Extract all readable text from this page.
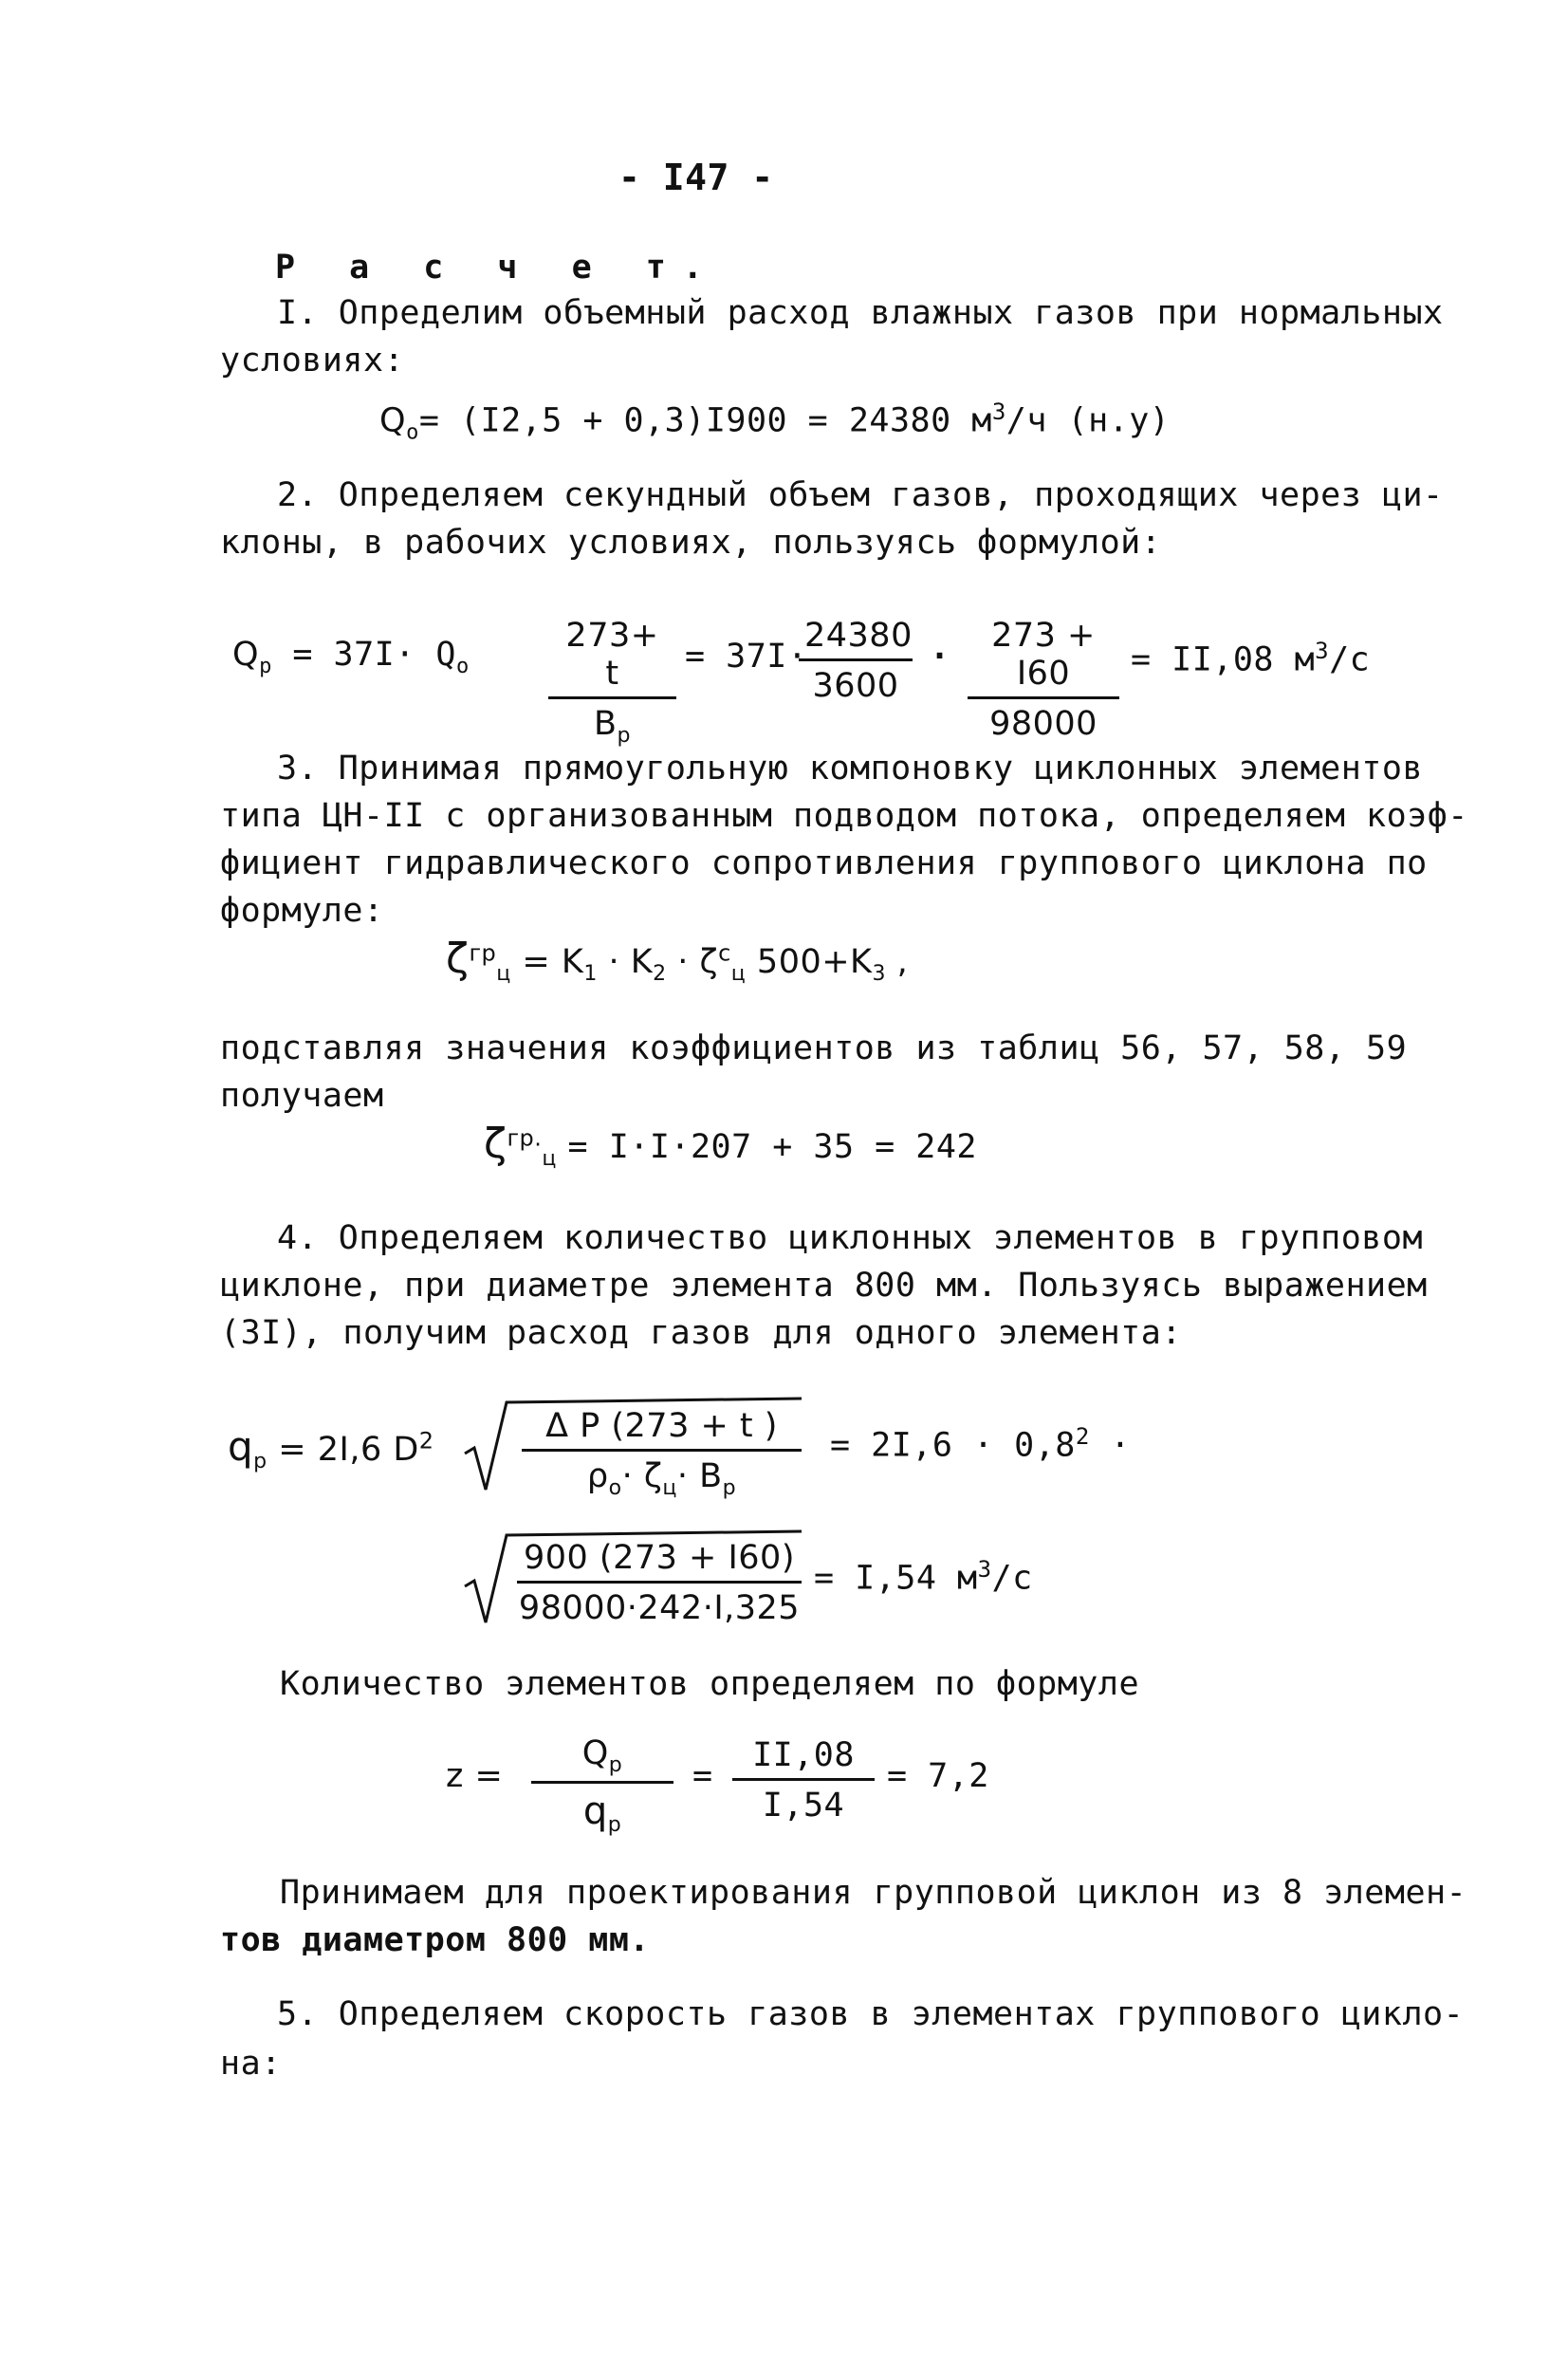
- I47 -
Р а с ч е т.
I. Определим объемный расход влажных газов при нормальных
условиях:
$Q_о= (I2,5 + 0,3)I900 = 24380$ $м^3/ч$ (н.у)
2. Определяем секундный объем газов, проходящих через ци-
клоны, в рабочих условиях, пользуясь формулой:
$Q_р = 37I\cdot Q_о$
273+ t
$В_р$
= 37I·
$\frac{24380}{3600} \cdot \frac{273 + I60}{98000} = II,08$ $м^3/с$
3. Принимая прямоугольную компоновку циклонных элементов
типа ЦН-II с организованным подводом потока, определяем коэф-
фициент гидравлического сопротивления группового циклона по
формуле:
$\zeta^{гр}_ц = K_1 \cdot K_2 \cdot \zeta^с_ц$ $500+K_3$ ,
подставляя значения коэффициентов из таблиц 56, 57, 58, 59
получаем
$\zeta^{гр.}_ц = I\cdot I\cdot 207 + 35 = 242$
4. Определяем количество циклонных элементов в групповом
циклоне, при диаметре элемента 800 мм. Пользуясь выражением
(3I), получим расход газов для одного элемента:
$q_р = 2I,6$ $D^2$	Δ P (273 + t )
$\rho_о\cdot \zeta_ц\cdot В_р$
= $2I,6 \cdot 0,8^2$ ·
$\frac{900 (273 + I60)}{98000\cdot 242\cdot I,325} = I,54$ $м^3/с$
Количество элементов определяем по формуле
z =
$Q_р$
$q_р$
= $\frac{II,08}{I,54} = 7,2$
Принимаем для проектирования групповой циклон из 8 элемен-
тов диаметром 800 мм.
5. Определяем скорость газов в элементах группового цикло-
на:
